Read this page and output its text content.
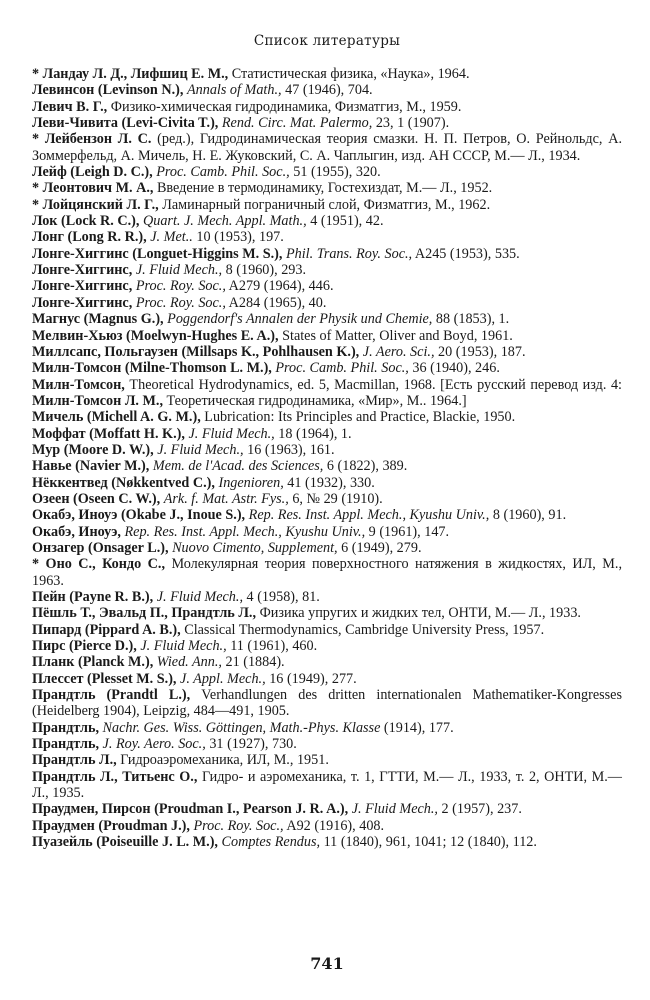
Список литературы

* Ландау Л. Д., Лифшиц Е. М., Статистическая физика, «Наука», 1964.

Левинсон (Levinson N.), Annals of Math., 47 (1946), 704.

Левич В. Г., Физико-химическая гидродинамика, Физматгиз, М., 1959.

Леви-Чивита (Levi-Civita T.), Rend. Circ. Mat. Palermo, 23, 1 (1907).

* Лейбензон Л. С. (ред.), Гидродинамическая теория смазки. Н. П. Петров, О. Рейнольдс, А. Зоммерфельд, А. Мичель, Н. Е. Жуковский, С. А. Чаплыгин, изд. АН СССР, М.— Л., 1934.

Лейф (Leigh D. C.), Proc. Camb. Phil. Soc., 51 (1955), 320.

* Леонтович М. А., Введение в термодинамику, Гостехиздат, М.— Л., 1952.

* Лойцянский Л. Г., Ламинарный пограничный слой, Физматгиз, М., 1962.

Лок (Lock R. C.), Quart. J. Mech. Appl. Math., 4 (1951), 42.

Лонг (Long R. R.), J. Met.. 10 (1953), 197.

Лонге-Хиггинс (Longuet-Higgins M. S.), Phil. Trans. Roy. Soc., A245 (1953), 535.

Лонге-Хиггинс, J. Fluid Mech., 8 (1960), 293.

Лонге-Хиггинс, Proc. Roy. Soc., A279 (1964), 446.

Лонге-Хиггинс, Proc. Roy. Soc., A284 (1965), 40.

Магнус (Magnus G.), Poggendorf's Annalen der Physik und Chemie, 88 (1853), 1.

Мелвин-Хьюз (Moelwyn-Hughes E. A.), States of Matter, Oliver and Boyd, 1961.

Миллсапс, Польгаузен (Millsaps K., Pohlhausen K.), J. Aero. Sci., 20 (1953), 187.

Милн-Томсон (Milne-Thomson L. M.), Proc. Camb. Phil. Soc., 36 (1940), 246.

Милн-Томсон, Theoretical Hydrodynamics, ed. 5, Macmillan, 1968. [Есть русский перевод изд. 4: Милн-Томсон Л. М., Теоретическая гидродинамика, «Мир», М.. 1964.]

Мичель (Michell A. G. M.), Lubrication: Its Principles and Practice, Blackie, 1950.

Моффат (Moffatt H. K.), J. Fluid Mech., 18 (1964), 1.

Мур (Moore D. W.), J. Fluid Mech., 16 (1963), 161.

Навье (Navier M.), Mem. de l'Acad. des Sciences, 6 (1822), 389.

Нёккентвед (Nøkkentved C.), Ingenioren, 41 (1932), 330.

Озеен (Oseen C. W.), Ark. f. Mat. Astr. Fys., 6, № 29 (1910).

Окабэ, Иноуэ (Okabe J., Inoue S.), Rep. Res. Inst. Appl. Mech., Kyushu Univ., 8 (1960), 91.

Окабэ, Иноуэ, Rep. Res. Inst. Appl. Mech., Kyushu Univ., 9 (1961), 147.

Онзагер (Onsager L.), Nuovo Cimento, Supplement, 6 (1949), 279.

* Оно С., Кондо С., Молекулярная теория поверхностного натяжения в жидкостях, ИЛ, М., 1963.

Пейн (Payne R. B.), J. Fluid Mech., 4 (1958), 81.

Пёшль Т., Эвальд П., Прандтль Л., Физика упругих и жидких тел, ОНТИ, М.— Л., 1933.

Пипард (Pippard A. B.), Classical Thermodynamics, Cambridge University Press, 1957.

Пирс (Pierce D.), J. Fluid Mech., 11 (1961), 460.

Планк (Planck M.), Wied. Ann., 21 (1884).

Плессет (Plesset M. S.), J. Appl. Mech., 16 (1949), 277.

Прандтль (Prandtl L.), Verhandlungen des dritten internationalen Mathematiker-Kongresses (Heidelberg 1904), Leipzig, 484—491, 1905.

Прандтль, Nachr. Ges. Wiss. Göttingen, Math.-Phys. Klasse (1914), 177.

Прандтль, J. Roy. Aero. Soc., 31 (1927), 730.

Прандтль Л., Гидроаэромеханика, ИЛ, М., 1951.

Прандтль Л., Титьенс О., Гидро- и аэромеханика, т. 1, ГТТИ, М.— Л., 1933, т. 2, ОНТИ, М.— Л., 1935.

Праудмен, Пирсон (Proudman I., Pearson J. R. A.), J. Fluid Mech., 2 (1957), 237.

Праудмен (Proudman J.), Proc. Roy. Soc., A92 (1916), 408.

Пуазейль (Poiseuille J. L. M.), Comptes Rendus, 11 (1840), 961, 1041; 12 (1840), 112.

741
